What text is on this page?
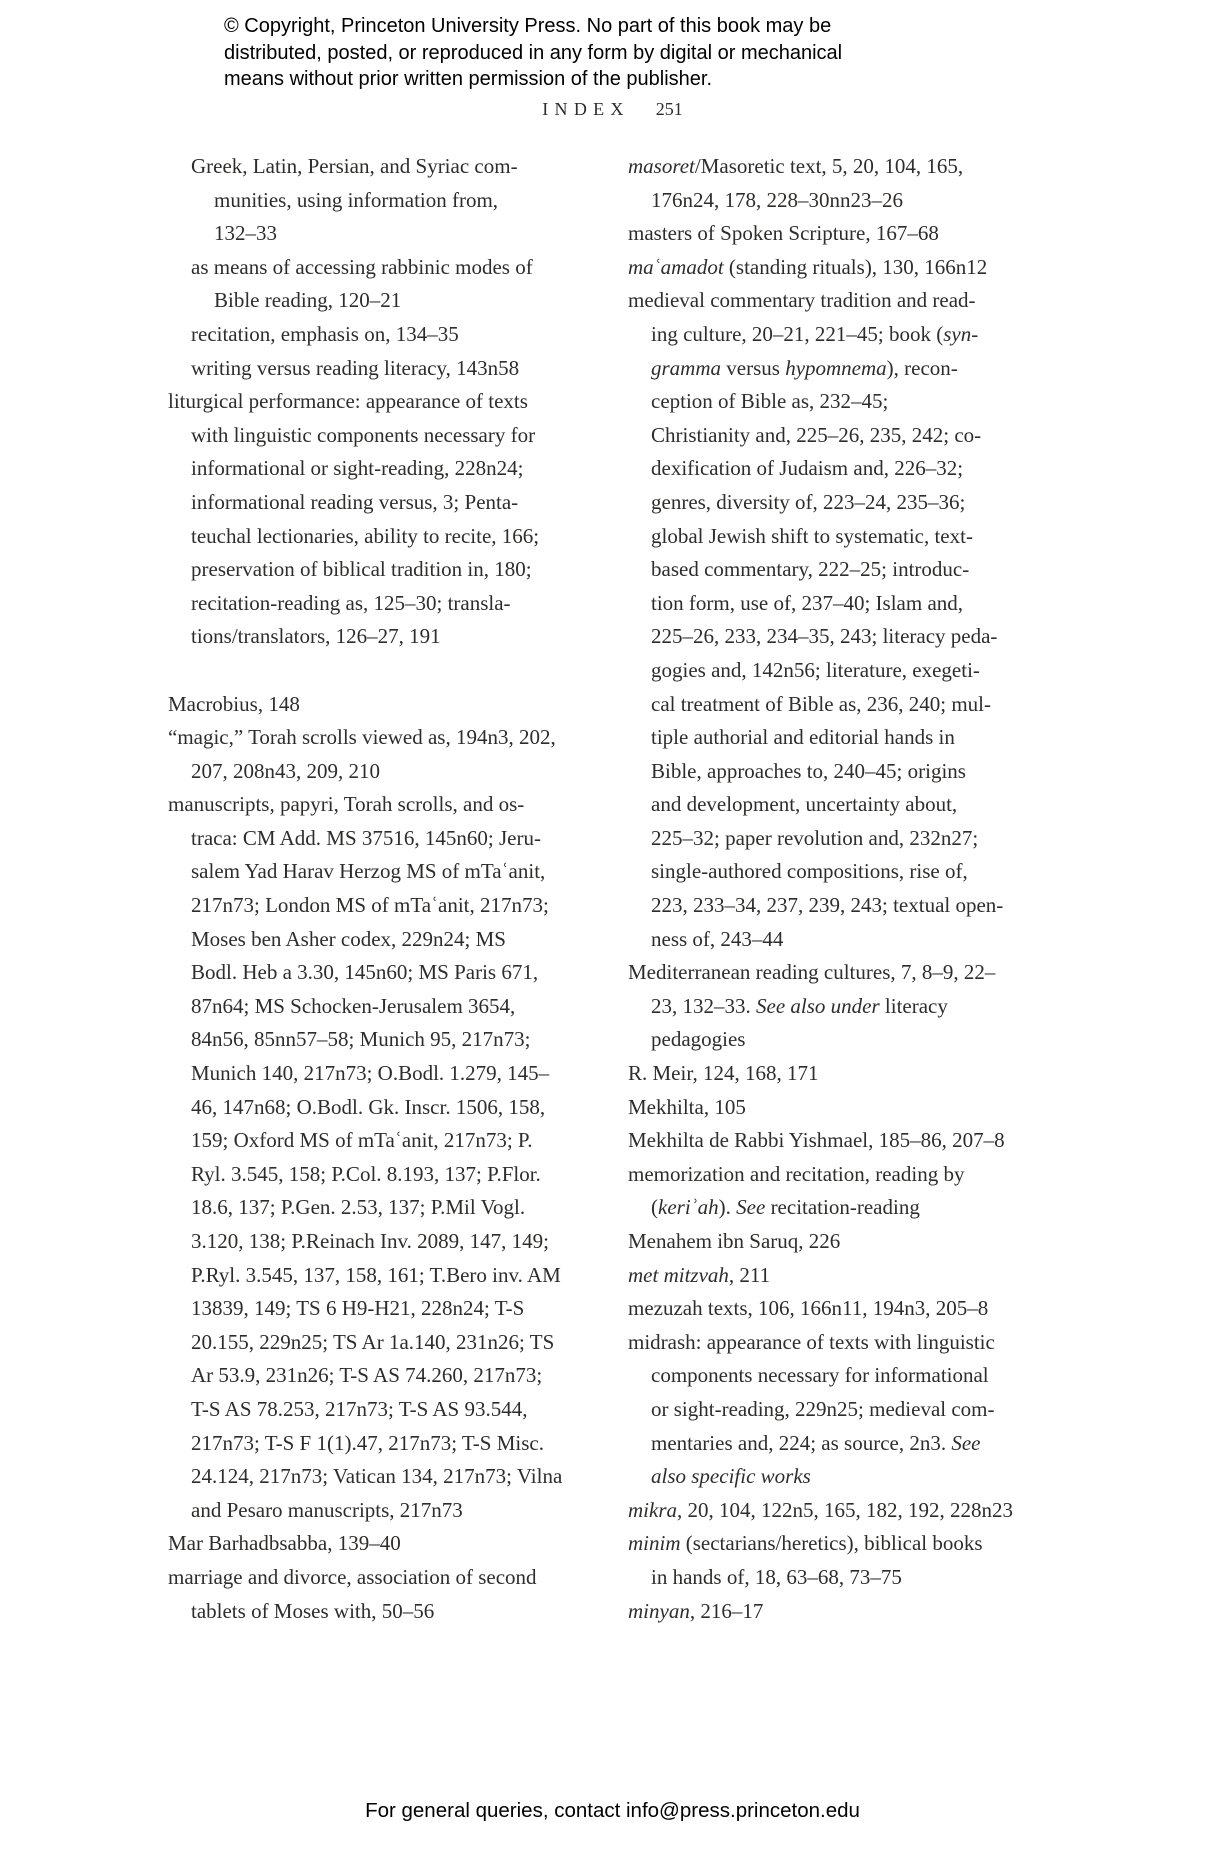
© Copyright, Princeton University Press. No part of this book may be
distributed, posted, or reproduced in any form by digital or mechanical
means without prior written permission of the publisher.
INDEX 251
Greek, Latin, Persian, and Syriac com-
munities, using information from,
132–33
as means of accessing rabbinic modes of
Bible reading, 120–21
recitation, emphasis on, 134–35
writing versus reading literacy, 143n58
liturgical performance: appearance of texts
with linguistic components necessary for
informational or sight-reading, 228n24;
informational reading versus, 3; Penta-
teuchal lectionaries, ability to recite, 166;
preservation of biblical tradition in, 180;
recitation-reading as, 125–30; transla-
tions/translators, 126–27, 191

Macrobius, 148
“magic,” Torah scrolls viewed as, 194n3, 202,
207, 208n43, 209, 210
manuscripts, papyri, Torah scrolls, and os-
traca: CM Add. MS 37516, 145n60; Jeru-
salem Yad Harav Herzog MS of mTaʿanit,
217n73; London MS of mTaʿanit, 217n73;
Moses ben Asher codex, 229n24; MS
Bodl. Heb a 3.30, 145n60; MS Paris 671,
87n64; MS Schocken-Jerusalem 3654,
84n56, 85nn57–58; Munich 95, 217n73;
Munich 140, 217n73; O.Bodl. 1.279, 145–
46, 147n68; O.Bodl. Gk. Inscr. 1506, 158,
159; Oxford MS of mTaʿanit, 217n73; P.
Ryl. 3.545, 158; P.Col. 8.193, 137; P.Flor.
18.6, 137; P.Gen. 2.53, 137; P.Mil Vogl.
3.120, 138; P.Reinach Inv. 2089, 147, 149;
P.Ryl. 3.545, 137, 158, 161; T.Bero inv. AM
13839, 149; TS 6 H9-H21, 228n24; T-S
20.155, 229n25; TS Ar 1a.140, 231n26; TS
Ar 53.9, 231n26; T-S AS 74.260, 217n73;
T-S AS 78.253, 217n73; T-S AS 93.544,
217n73; T-S F 1(1).47, 217n73; T-S Misc.
24.124, 217n73; Vatican 134, 217n73; Vilna
and Pesaro manuscripts, 217n73
Mar Barhadbsabba, 139–40
marriage and divorce, association of second
tablets of Moses with, 50–56
masoret/Masoretic text, 5, 20, 104, 165,
176n24, 178, 228–30nn23–26
masters of Spoken Scripture, 167–68
maʿamadot (standing rituals), 130, 166n12
medieval commentary tradition and read-
ing culture, 20–21, 221–45; book (syn-
gramma versus hypomnema), recon-
ception of Bible as, 232–45;
Christianity and, 225–26, 235, 242; co-
dexification of Judaism and, 226–32;
genres, diversity of, 223–24, 235–36;
global Jewish shift to systematic, text-
based commentary, 222–25; introduc-
tion form, use of, 237–40; Islam and,
225–26, 233, 234–35, 243; literacy peda-
gogies and, 142n56; literature, exegeti-
cal treatment of Bible as, 236, 240; mul-
tiple authorial and editorial hands in
Bible, approaches to, 240–45; origins
and development, uncertainty about,
225–32; paper revolution and, 232n27;
single-authored compositions, rise of,
223, 233–34, 237, 239, 243; textual open-
ness of, 243–44
Mediterranean reading cultures, 7, 8–9, 22–
23, 132–33. See also under literacy
pedagogies
R. Meir, 124, 168, 171
Mekhilta, 105
Mekhilta de Rabbi Yishmael, 185–86, 207–8
memorization and recitation, reading by
(keriʾah). See recitation-reading
Menahem ibn Saruq, 226
met mitzvah, 211
mezuzah texts, 106, 166n11, 194n3, 205–8
midrash: appearance of texts with linguistic
components necessary for informational
or sight-reading, 229n25; medieval com-
mentaries and, 224; as source, 2n3. See
also specific works
mikra, 20, 104, 122n5, 165, 182, 192, 228n23
minim (sectarians/heretics), biblical books
in hands of, 18, 63–68, 73–75
minyan, 216–17
For general queries, contact info@press.princeton.edu
